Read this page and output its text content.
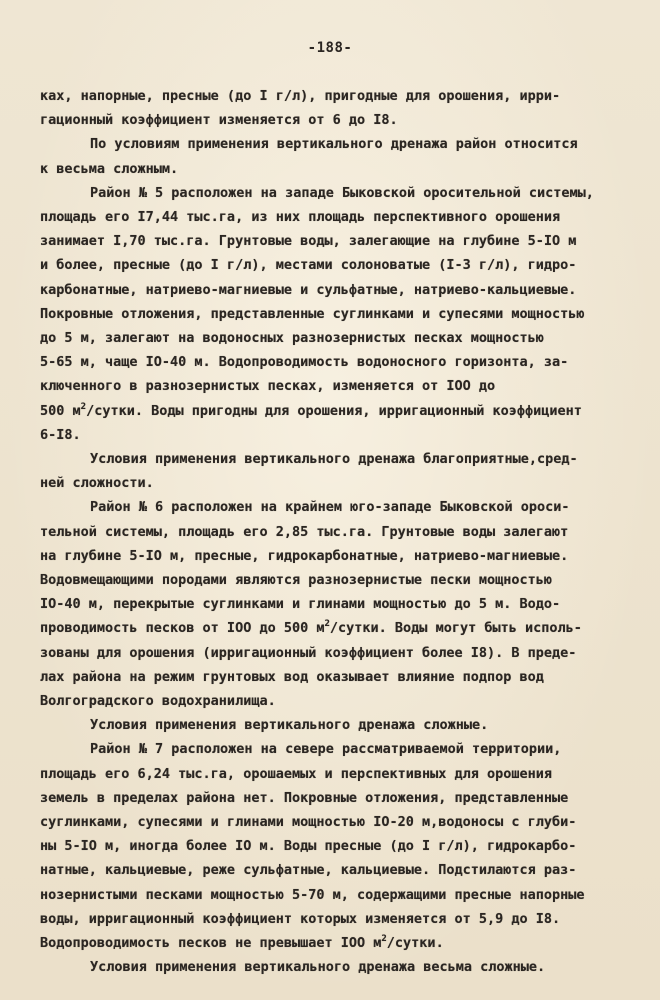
-188-
ках, напорные, пресные (до I г/л), пригодные для орошения, ирри-
гационный коэффициент изменяется от 6 до I8.
По условиям применения вертикального дренажа район относится
к весьма сложным.
Район № 5 расположен на западе Быковской оросительной системы,
площадь его I7,44 тыс.га, из них площадь перспективного орошения
занимает I,70 тыс.га. Грунтовые воды, залегающие на глубине 5-IO м
и более, пресные (до I г/л), местами солоноватые (I-3 г/л), гидро-
карбонатные, натриево-магниевые и сульфатные, натриево-кальциевые.
Покровные отложения, представленные суглинками и супесями мощностью
до 5 м, залегают на водоносных разнозернистых песках мощностью
5-65 м, чаще IO-40 м. Водопроводимость водоносного горизонта, за-
ключенного в разнозернистых песках, изменяется от IOO до
500 $м^2$/сутки. Воды пригодны для орошения, ирригационный коэффициент
6-I8.
Условия применения вертикального дренажа благоприятные,сред-
ней сложности.
Район № 6 расположен на крайнем юго-западе Быковской ороси-
тельной системы, площадь его 2,85 тыс.га. Грунтовые воды залегают
на глубине 5-IO м, пресные, гидрокарбонатные, натриево-магниевые.
Водовмещающими породами являются разнозернистые пески мощностью
IO-40 м, перекрытые суглинками и глинами мощностью до 5 м. Водо-
проводимость песков от IOO до 500 $м^2$/сутки. Воды могут быть исполь-
зованы для орошения (ирригационный коэффициент более I8). В преде-
лах района на режим грунтовых вод оказывает влияние подпор вод
Волгоградского водохранилища.
Условия применения вертикального дренажа сложные.
Район № 7 расположен на севере рассматриваемой территории,
площадь его 6,24 тыс.га, орошаемых и перспективных для орошения
земель в пределах района нет. Покровные отложения, представленные
суглинками, супесями и глинами мощностью IO-20 м,водоносы с глуби-
ны 5-IO м, иногда более IO м. Воды пресные (до I г/л), гидрокарбо-
натные, кальциевые, реже сульфатные, кальциевые. Подстилаются раз-
нозернистыми песками мощностью 5-70 м, содержащими пресные напорные
воды, ирригационный коэффициент которых изменяется от 5,9 до I8.
Водопроводимость песков не превышает IOO $м^2$/сутки.
Условия применения вертикального дренажа весьма сложные.
